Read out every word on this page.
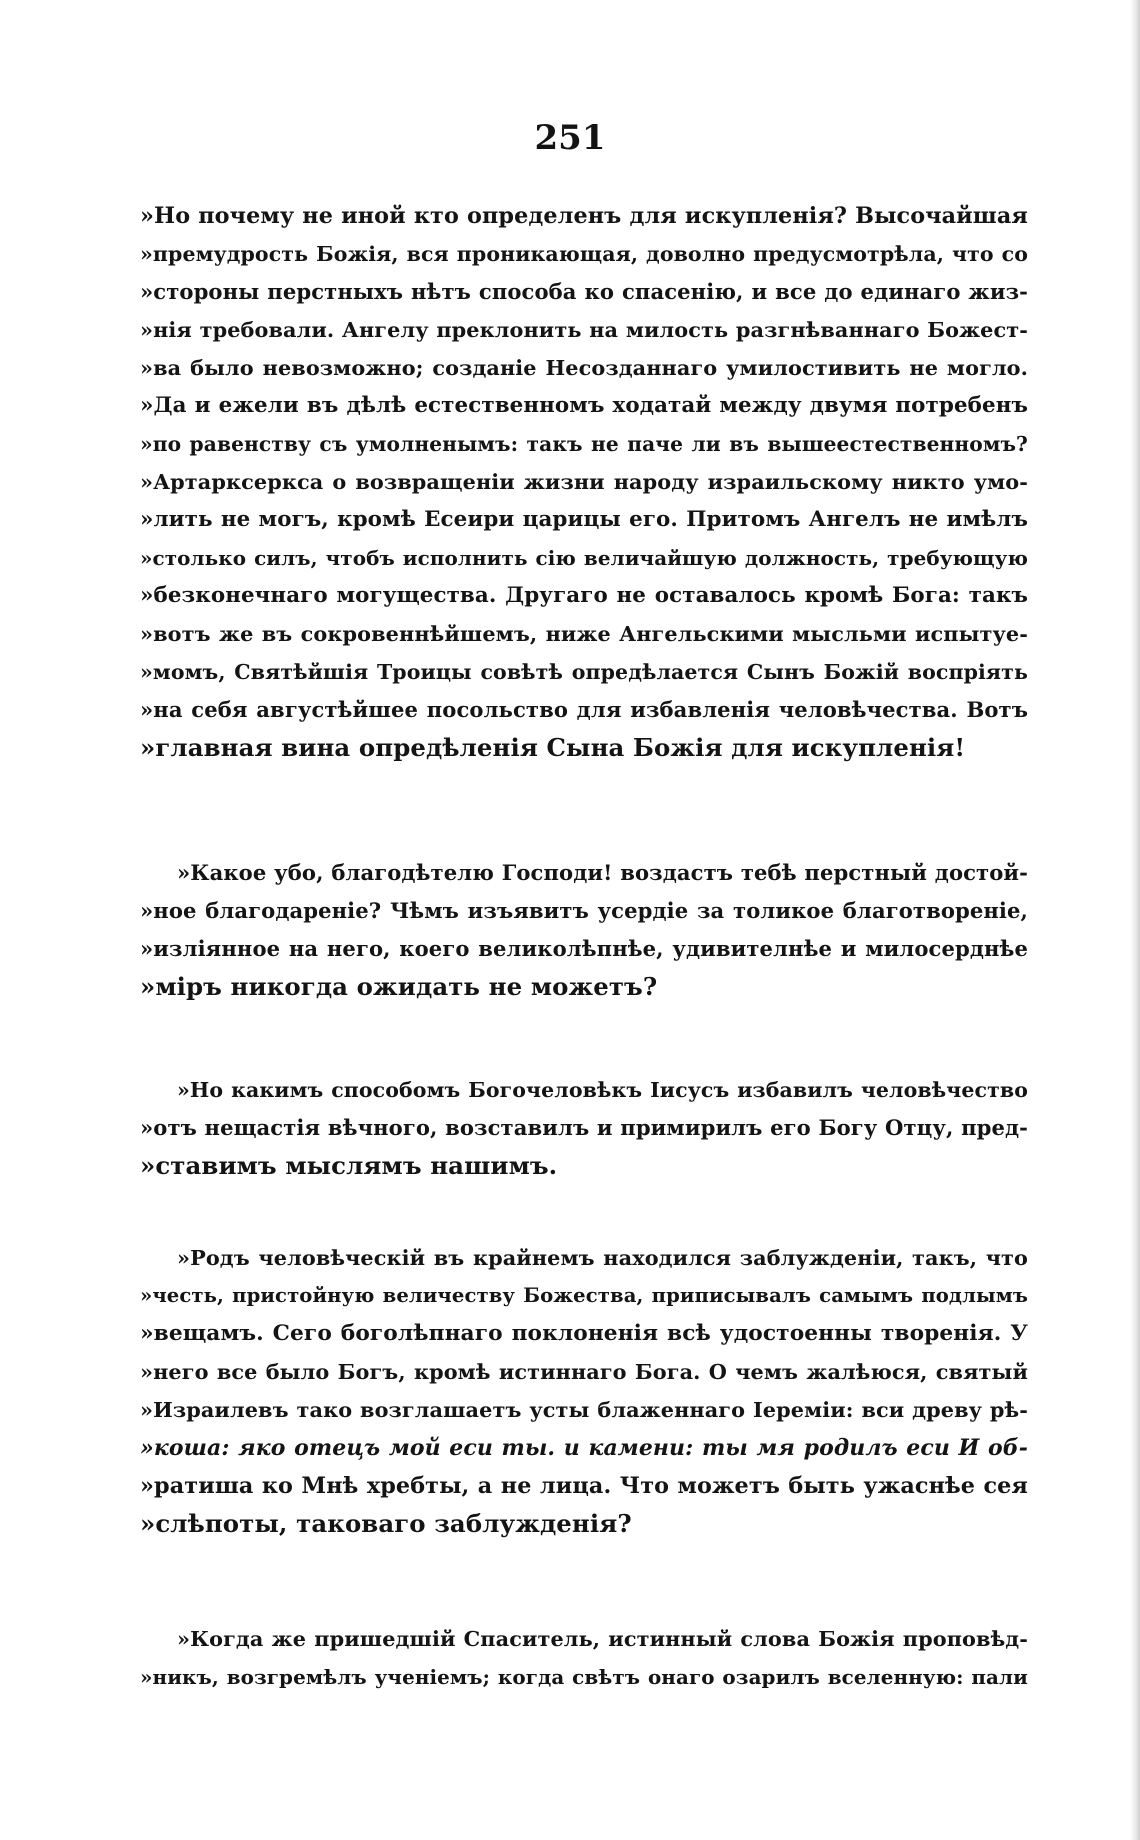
251
»Но почему не иной кто определенъ для искупленія? Высочайшая
»премудрость Божія, вся проникающая, доволно предусмотрѣла, что со
»стороны перстныхъ нѣтъ способа ко спасенію, и все до единаго жиз-
»нія требовали. Ангелу преклонить на милость разгнѣваннаго Божест-
»ва было невозможно; созданіе Несозданнаго умилостивить не могло.
»Да и ежели въ дѣлѣ естественномъ ходатай между двумя потребенъ
»по равенству съ умолненымъ: такъ не паче ли въ вышеестественномъ?
»Артарксеркса о возвращеніи жизни народу израильскому никто умо-
»лить не могъ, кромѣ Есеири царицы его. Притомъ Ангелъ не имѣлъ
»столько силъ, чтобъ исполнить сію величайшую должность, требующую
»безконечнаго могущества. Другаго не оставалось кромѣ Бога: такъ
»вотъ же въ сокровеннѣйшемъ, ниже Ангельскими мысльми испытуе-
»момъ, Святѣйшія Троицы совѣтѣ опредѣлается Сынъ Божій воспріять
»на себя августѣйшее посольство для избавленія человѣчества. Вотъ
»главная вина опредѣленія Сына Божія для искупленія!
»Какое убо, благодѣтелю Господи! воздастъ тебѣ перстный достой-
»ное благодареніе? Чѣмъ изъявитъ усердіе за толикое благотвореніе,
»изліянное на него, коего великолѣпнѣе, удивителнѣе и милосерднѣе
»міръ никогда ожидать не можетъ?
»Но какимъ способомъ Богочеловѣкъ Іисусъ избавилъ человѣчество
»отъ нещастія вѣчного, возставилъ и примирилъ его Богу Отцу, пред-
»ставимъ мыслямъ нашимъ.
»Родъ человѣческій въ крайнемъ находился заблужденіи, такъ, что
»честь, пристойную величеству Божества, приписывалъ самымъ подлымъ
»вещамъ. Сего боголѣпнаго поклоненія всѣ удостоенны творенія. У
»него все было Богъ, кромѣ истиннаго Бога. О чемъ жалѣюся, святый
»Израилевъ тако возглашаетъ усты блаженнаго Іереміи: вси древу рѣ-
»коша: яко отецъ мой еси ты. и камени: ты мя родилъ еси И об-
»ратиша ко Мнѣ хребты, а не лица. Что можетъ быть ужаснѣе сея
»слѣпоты, таковаго заблужденія?
»Когда же пришедшій Спаситель, истинный слова Божія проповѣд-
»никъ, возгремѣлъ ученіемъ; когда свѣтъ онаго озарилъ вселенную: пали
